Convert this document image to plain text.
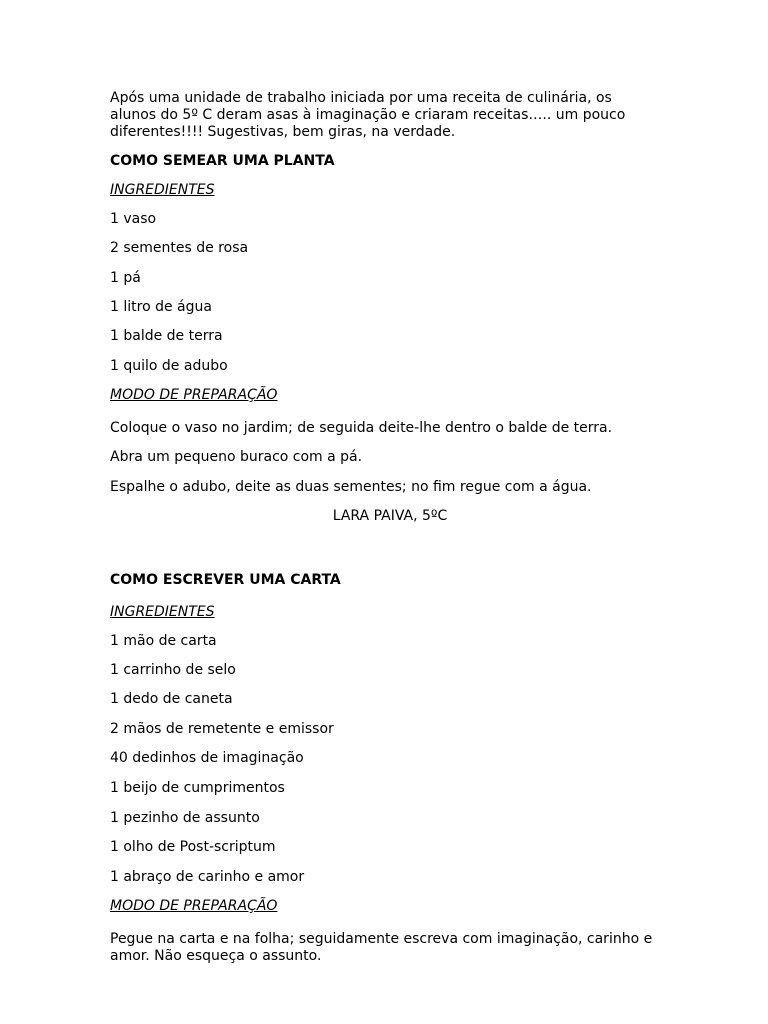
Após uma unidade de trabalho iniciada por uma receita de culinária, os alunos do 5º C deram asas à imaginação e criaram receitas….. um pouco diferentes!!!! Sugestivas, bem giras, na verdade.

COMO SEMEAR UMA PLANTA

INGREDIENTES

1 vaso

2 sementes de rosa

1 pá

1 litro de água

1 balde de terra

1 quilo de adubo

MODO DE PREPARAÇÃO

Coloque o vaso no jardim; de seguida deite-lhe dentro o balde de terra.

Abra um pequeno buraco com a pá.

Espalhe o adubo, deite as duas sementes; no fim regue com a água.

LARA PAIVA, 5ºC

COMO ESCREVER UMA CARTA

INGREDIENTES

1 mão de carta

1 carrinho de selo

1 dedo de caneta

2 mãos de remetente e emissor

40 dedinhos de imaginação

1 beijo de cumprimentos

1 pezinho de assunto

1 olho de Post-scriptum

1 abraço de carinho e amor

MODO DE PREPARAÇÃO

Pegue na carta e na folha; seguidamente escreva com imaginação, carinho e amor. Não esqueça o assunto.
